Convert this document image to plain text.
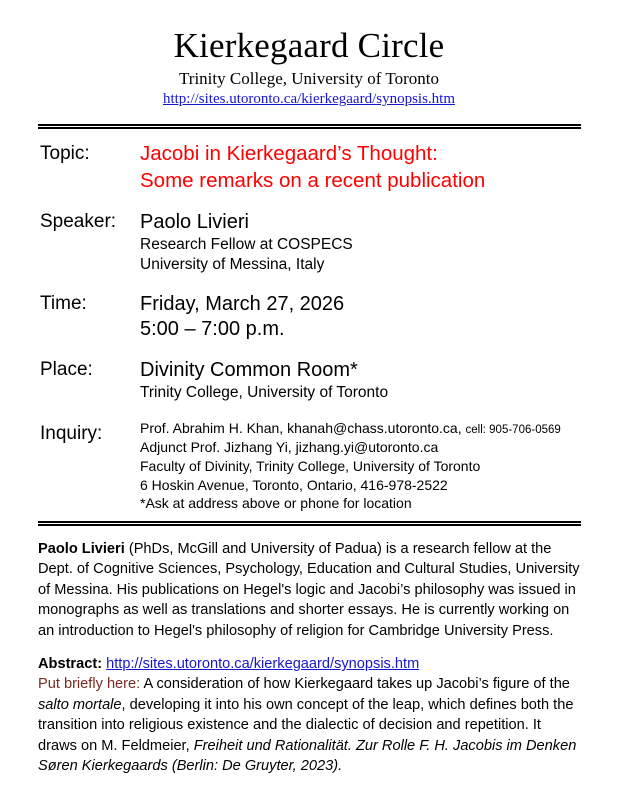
Kierkegaard Circle
Trinity College, University of Toronto
http://sites.utoronto.ca/kierkegaard/synopsis.htm
Topic:	Jacobi in Kierkegaard’s Thought:
Some remarks on a recent publication
Speaker:	Paolo Livieri
Research Fellow at COSPECS
University of Messina, Italy
Time:	Friday, March 27, 2026
5:00 – 7:00 p.m.
Place:	Divinity Common Room*
Trinity College, University of Toronto
Inquiry:	Prof. Abrahim H. Khan, khanah@chass.utoronto.ca, cell: 905-706-0569
Adjunct Prof. Jizhang Yi, jizhang.yi@utoronto.ca
Faculty of Divinity, Trinity College, University of Toronto
6 Hoskin Avenue, Toronto, Ontario, 416-978-2522
*Ask at address above or phone for location

Paolo Livieri (PhDs, McGill and University of Padua) is a research fellow at the Dept. of Cognitive Sciences, Psychology, Education and Cultural Studies, University of Messina. His publications on Hegel's logic and Jacobi’s philosophy was issued in monographs as well as translations and shorter essays. He is currently working on an introduction to Hegel's philosophy of religion for Cambridge University Press.

Abstract: http://sites.utoronto.ca/kierkegaard/synopsis.htm
Put briefly here: A consideration of how Kierkegaard takes up Jacobi’s figure of the salto mortale, developing it into his own concept of the leap, which defines both the transition into religious existence and the dialectic of decision and repetition. It draws on M. Feldmeier, Freiheit und Rationalität. Zur Rolle F. H. Jacobis im Denken Søren Kierkegaards (Berlin: De Gruyter, 2023).
